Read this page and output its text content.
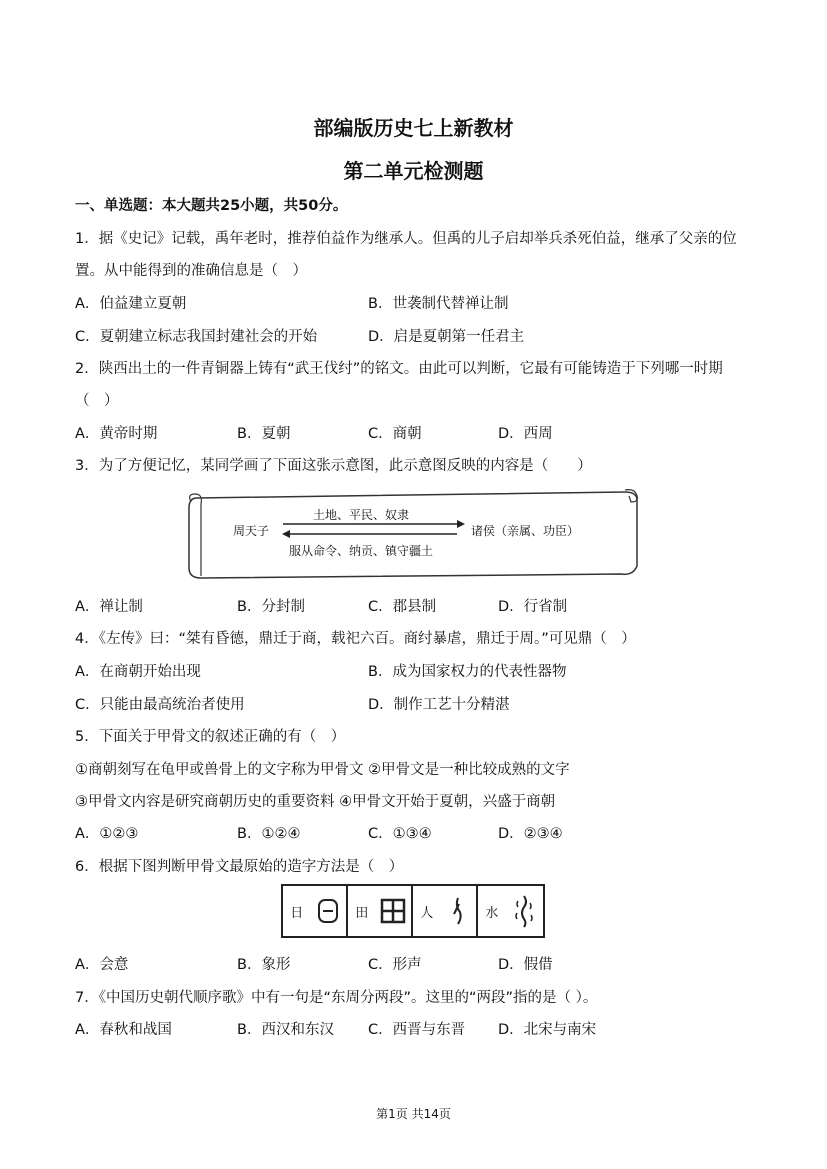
部编版历史七上新教材
第二单元检测题
一、单选题：本大题共25小题，共50分。
1．据《史记》记载，禹年老时，推荐伯益作为继承人。但禹的儿子启却举兵杀死伯益，继承了父亲的位
置。从中能得到的准确信息是（　）
A．伯益建立夏朝	B．世袭制代替禅让制
C．夏朝建立标志我国封建社会的开始	D．启是夏朝第一任君主
2．陕西出土的一件青铜器上铸有“武王伐纣”的铭文。由此可以判断，它最有可能铸造于下列哪一时期
（　）
A．黄帝时期	B．夏朝	C．商朝	D．西周
3．为了方便记忆，某同学画了下面这张示意图，此示意图反映的内容是（　　）
周天子
土地、平民、奴隶
诸侯（亲属、功臣）
服从命令、纳贡、镇守疆土
A．禅让制	B．分封制	C．郡县制	D．行省制
4．《左传》曰：“桀有昏德，鼎迁于商，载祀六百。商纣暴虐，鼎迁于周。”可见鼎（　）
A．在商朝开始出现	B．成为国家权力的代表性器物
C．只能由最高统治者使用	D．制作工艺十分精湛
5．下面关于甲骨文的叙述正确的有（　）
①商朝刻写在龟甲或兽骨上的文字称为甲骨文 ②甲骨文是一种比较成熟的文字
③甲骨文内容是研究商朝历史的重要资料 ④甲骨文开始于夏朝，兴盛于商朝
A．①②③	B．①②④	C．①③④	D．②③④
6．根据下图判断甲骨文最原始的造字方法是（　）
日	田	人	水
A．会意	B．象形	C．形声	D．假借
7．《中国历史朝代顺序歌》中有一句是“东周分两段”。这里的“两段”指的是（ ）。
A．春秋和战国	B．西汉和东汉 C．西晋与东晋 D．北宋与南宋
第1页 共14页
